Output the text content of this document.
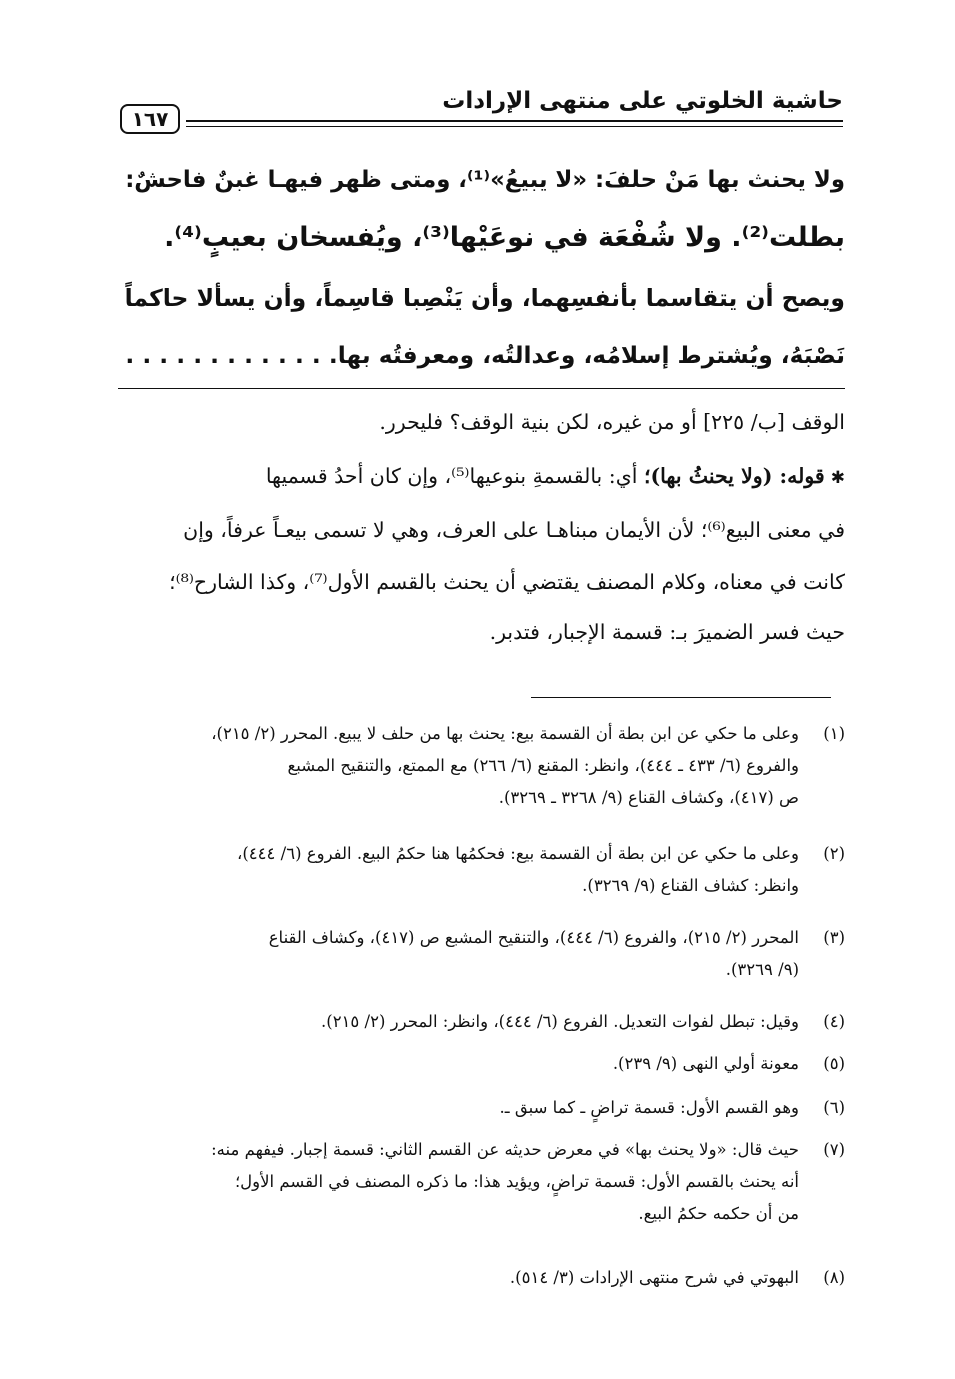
حاشية الخلوتي على منتهى الإرادات
١٦٧
ولا يحنث بها مَنْ حلفَ: «لا يبيعُ»⁽¹⁾، ومتى ظهر فيهـا غبنٌ فاحشٌ:
بطلت⁽²⁾. ولا شُفْعَة في نوعَيْها⁽³⁾، ويُفسخان بعيبٍ⁽⁴⁾.
ويصح أن يتقاسما بأنفسِهما، وأن يَنْصِبا قاسِماً، وأن يسألا حاكماً
نَصْبَهُ، ويُشترط إسلامُه، وعدالتُه، ومعرفتُه بها. . . . . . . . . . . . .
الوقف [ب/ ٢٢٥] أو من غيره، لكن بنية الوقف؟ فليحرر.
✱قوله: (ولا يحنثُ بها)؛ أي: بالقسمةِ بنوعيها⁽⁵⁾، وإن كان أحدُ قسميها
في معنى البيع⁽⁶⁾؛ لأن الأيمان مبناهـا على العرف، وهي لا تسمى بيعـاً عرفاً، وإن
كانت في معناه، وكلام المصنف يقتضي أن يحنث بالقسم الأول⁽⁷⁾، وكذا الشارح⁽⁸⁾؛
حيث فسر الضميرَ بـ: قسمة الإجبار، فتدبر.
(١)
وعلى ما حكي عن ابن بطة أن القسمة بيع: يحنث بها من حلف لا يبيع. المحرر (٢/ ٢١٥)،
والفروع (٦/ ٤٣٣ ـ ٤٤٤)، وانظر: المقنع (٦/ ٢٦٦) مع الممتع، والتنقيح المشبع
ص (٤١٧)، وكشاف القناع (٩/ ٣٢٦٨ ـ ٣٢٦٩).
(٢)
وعلى ما حكي عن ابن بطة أن القسمة بيع: فحكمُها هنا حكمُ البيع. الفروع (٦/ ٤٤٤)،
وانظر: كشاف القناع (٩/ ٣٢٦٩).
(٣)
المحرر (٢/ ٢١٥)، والفروع (٦/ ٤٤٤)، والتنقيح المشبع ص (٤١٧)، وكشاف القناع
(٩/ ٣٢٦٩).
(٤)
وقيل: تبطل لفوات التعديل. الفروع (٦/ ٤٤٤)، وانظر: المحرر (٢/ ٢١٥).
(٥)
معونة أولي النهى (٩/ ٢٣٩).
(٦)
وهو القسم الأول: قسمة تراضٍ ـ كما سبق ـ.
(٧)
حيث قال: «ولا يحنث بها» في معرض حديثه عن القسم الثاني: قسمة إجبار. فيفهم منه:
أنه يحنث بالقسم الأول: قسمة تراضٍ، ويؤيد هذا: ما ذكره المصنف في القسم الأول؛
من أن حكمه حكمُ البيع.
(٨)
البهوتي في شرح منتهى الإرادات (٣/ ٥١٤).
